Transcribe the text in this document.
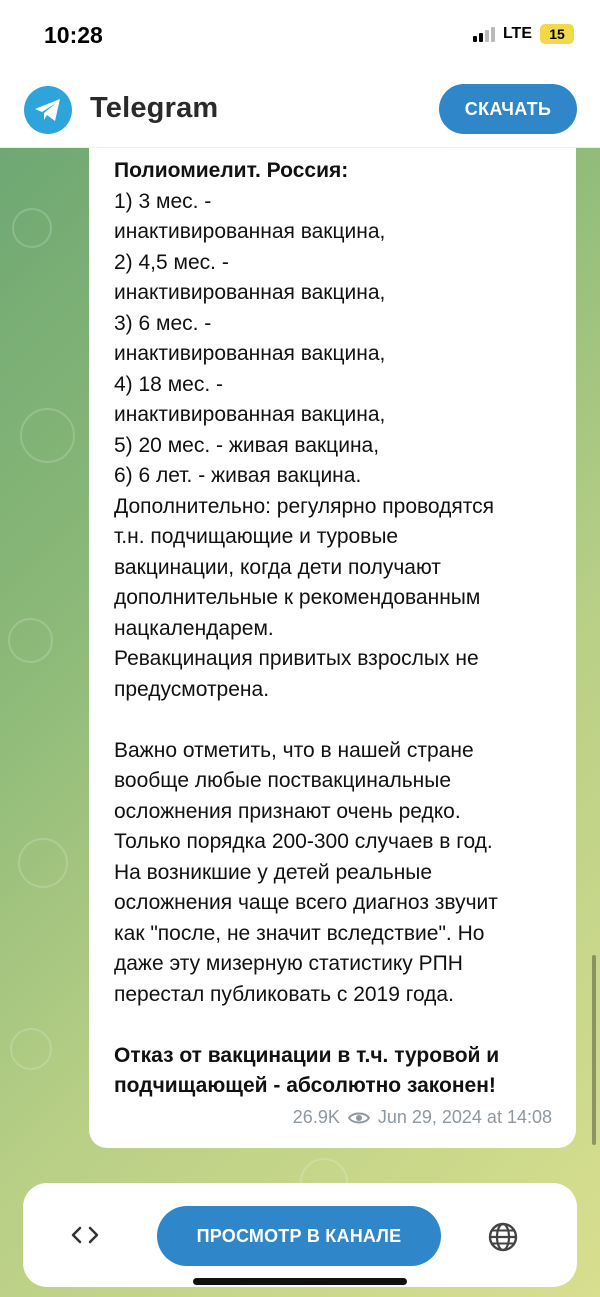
10:28	LTE	15
Telegram	СКАЧАТЬ
Полиомиелит. Россия:
1) 3 мес. -
инактивированная вакцина,
2) 4,5 мес. -
инактивированная вакцина,
3) 6 мес. -
инактивированная вакцина,
4) 18 мес. -
инактивированная вакцина,
5) 20 мес. - живая вакцина,
6) 6 лет. - живая вакцина.
Дополнительно: регулярно проводятся
т.н. подчищающие и туровые
вакцинации, когда дети получают
дополнительные к рекомендованным
нацкалендарем.
Ревакцинация привитых взрослых не
предусмотрена.
Важно отметить, что в нашей стране
вообще любые поствакцинальные
осложнения признают очень редко.
Только порядка 200-300 случаев в год.
На возникшие у детей реальные
осложнения чаще всего диагноз звучит
как "после, не значит вследствие". Но
даже эту мизерную статистику РПН
перестал публиковать с 2019 года.
Отказ от вакцинации в т.ч. туровой и
подчищающей - абсолютно законен!
26.9K Jun 29, 2024 at 14:08
ПРОСМОТР В КАНАЛЕ
